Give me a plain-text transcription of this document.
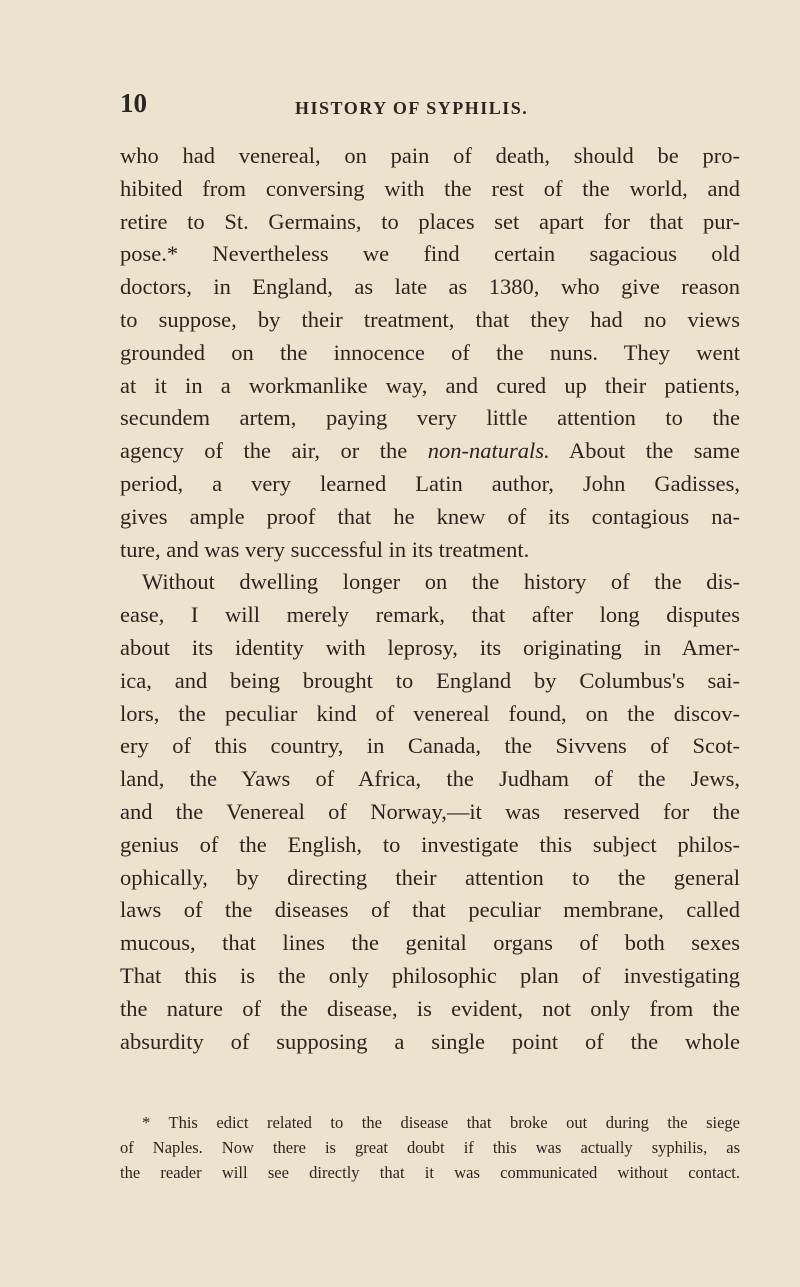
10	HISTORY OF SYPHILIS.
who had venereal, on pain of death, should be pro-
hibited from conversing with the rest of the world, and
retire to St. Germains, to places set apart for that pur-
pose.* Nevertheless we find certain sagacious old
doctors, in England, as late as 1380, who give reason
to suppose, by their treatment, that they had no views
grounded on the innocence of the nuns. They went
at it in a workmanlike way, and cured up their patients,
secundem artem, paying very little attention to the
agency of the air, or the non-naturals. About the same
period, a very learned Latin author, John Gadisses,
gives ample proof that he knew of its contagious na-
ture, and was very successful in its treatment.
Without dwelling longer on the history of the dis-
ease, I will merely remark, that after long disputes
about its identity with leprosy, its originating in Amer-
ica, and being brought to England by Columbus's sai-
lors, the peculiar kind of venereal found, on the discov-
ery of this country, in Canada, the Sivvens of Scot-
land, the Yaws of Africa, the Judham of the Jews,
and the Venereal of Norway,—it was reserved for the
genius of the English, to investigate this subject philos-
ophically, by directing their attention to the general
laws of the diseases of that peculiar membrane, called
mucous, that lines the genital organs of both sexes
That this is the only philosophic plan of investigating
the nature of the disease, is evident, not only from the
absurdity of supposing a single point of the whole
* This edict related to the disease that broke out during the siege
of Naples. Now there is great doubt if this was actually syphilis, as
the reader will see directly that it was communicated without contact.
